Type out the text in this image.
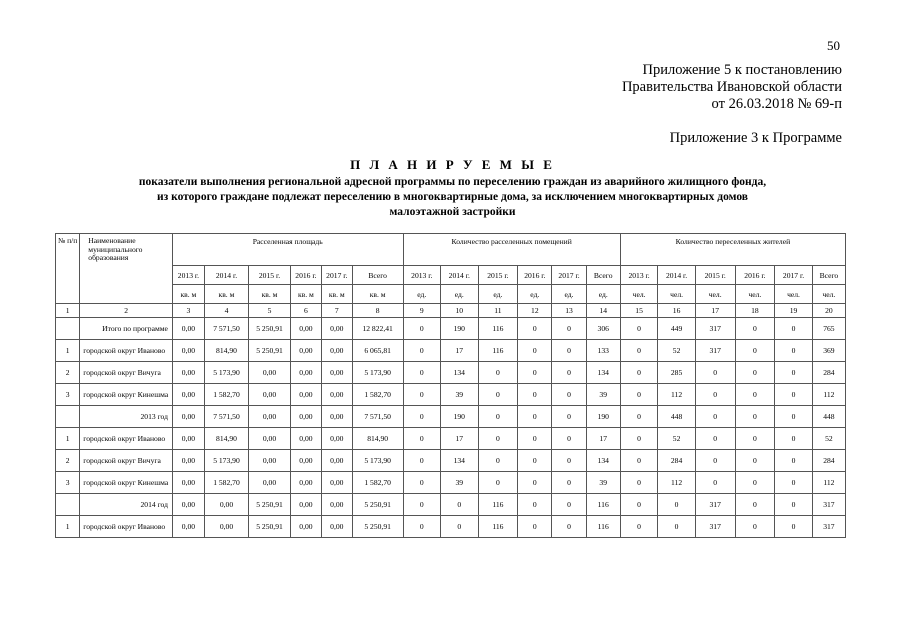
50
Приложение 5 к постановлению
Правительства Ивановской области
от 26.03.2018 № 69-п
Приложение 3 к Программе
П Л А Н И Р У Е М Ы Е
показатели выполнения региональной адресной программы по переселению граждан из аварийного жилищного фонда,
из которого граждане подлежат переселению в многоквартирные дома, за исключением многоквартирных домов
малоэтажной застройки
№ п/п	Наименование муниципального образования	Расселенная площадь						Количество расселенных помещений						Количество переселенных жителей					
		2013 г.	2014 г.	2015 г.	2016 г.	2017 г.	Всего	2013 г.	2014 г.	2015 г.	2016 г.	2017 г.	Всего	2013 г.	2014 г.	2015 г.	2016 г.	2017 г.	Всего
		кв. м	кв. м	кв. м	кв. м	кв. м	кв. м	ед.	ед.	ед.	ед.	ед.	ед.	чел.	чел.	чел.	чел.	чел.	чел.
1	2	3	4	5	6	7	8	9	10	11	12	13	14	15	16	17	18	19	20
	Итого по программе	0,00	7 571,50	5 250,91	0,00	0,00	12 822,41	0	190	116	0	0	306	0	449	317	0	0	765
1	городской округ Иваново	0,00	814,90	5 250,91	0,00	0,00	6 065,81	0	17	116	0	0	133	0	52	317	0	0	369
2	городской округ Вичуга	0,00	5 173,90	0,00	0,00	0,00	5 173,90	0	134	0	0	0	134	0	285	0	0	0	284
3	городской округ Кинешма	0,00	1 582,70	0,00	0,00	0,00	1 582,70	0	39	0	0	0	39	0	112	0	0	0	112
	2013 год	0,00	7 571,50	0,00	0,00	0,00	7 571,50	0	190	0	0	0	190	0	448	0	0	0	448
1	городской округ Иваново	0,00	814,90	0,00	0,00	0,00	814,90	0	17	0	0	0	17	0	52	0	0	0	52
2	городской округ Вичуга	0,00	5 173,90	0,00	0,00	0,00	5 173,90	0	134	0	0	0	134	0	284	0	0	0	284
3	городской округ Кинешма	0,00	1 582,70	0,00	0,00	0,00	1 582,70	0	39	0	0	0	39	0	112	0	0	0	112
	2014 год	0,00	0,00	5 250,91	0,00	0,00	5 250,91	0	0	116	0	0	116	0	0	317	0	0	317
1	городской округ Иваново	0,00	0,00	5 250,91	0,00	0,00	5 250,91	0	0	116	0	0	116	0	0	317	0	0	317
